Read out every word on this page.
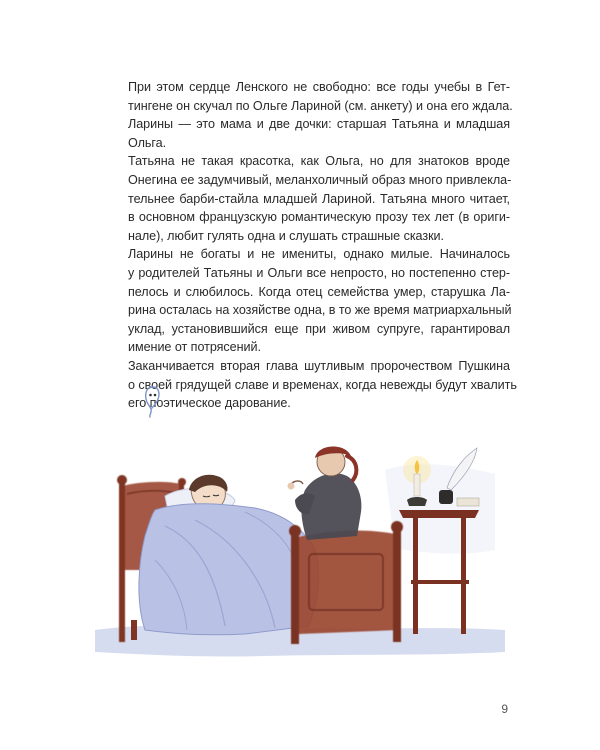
При этом сердце Ленского не свободно: все годы учебы в Гет-
тингене он скучал по Ольге Лариной (см. анкету) и она его ждала.

Ларины — это мама и две дочки: старшая Татьяна и младшая
Ольга.

Татьяна не такая красотка, как Ольга, но для знатоков вроде
Онегина ее задумчивый, меланхоличный образ много привлекла-
тельнее барби-стайла младшей Лариной. Татьяна много читает,
в основном французскую романтическую прозу тех лет (в ориги-
нале), любит гулять одна и слушать страшные сказки.

Ларины не богаты и не имениты, однако милые. Начиналось
у родителей Татьяны и Ольги все непросто, но постепенно стер-
пелось и слюбилось. Когда отец семейства умер, старушка Ла-
рина осталась на хозяйстве одна, в то же время матриархальный
уклад, установившийся еще при живом супруге, гарантировал
имение от потрясений.

Заканчивается вторая глава шутливым пророчеством Пушкина
о своей грядущей славе и временах, когда невежды будут хвалить
его поэтическое дарование.

9
